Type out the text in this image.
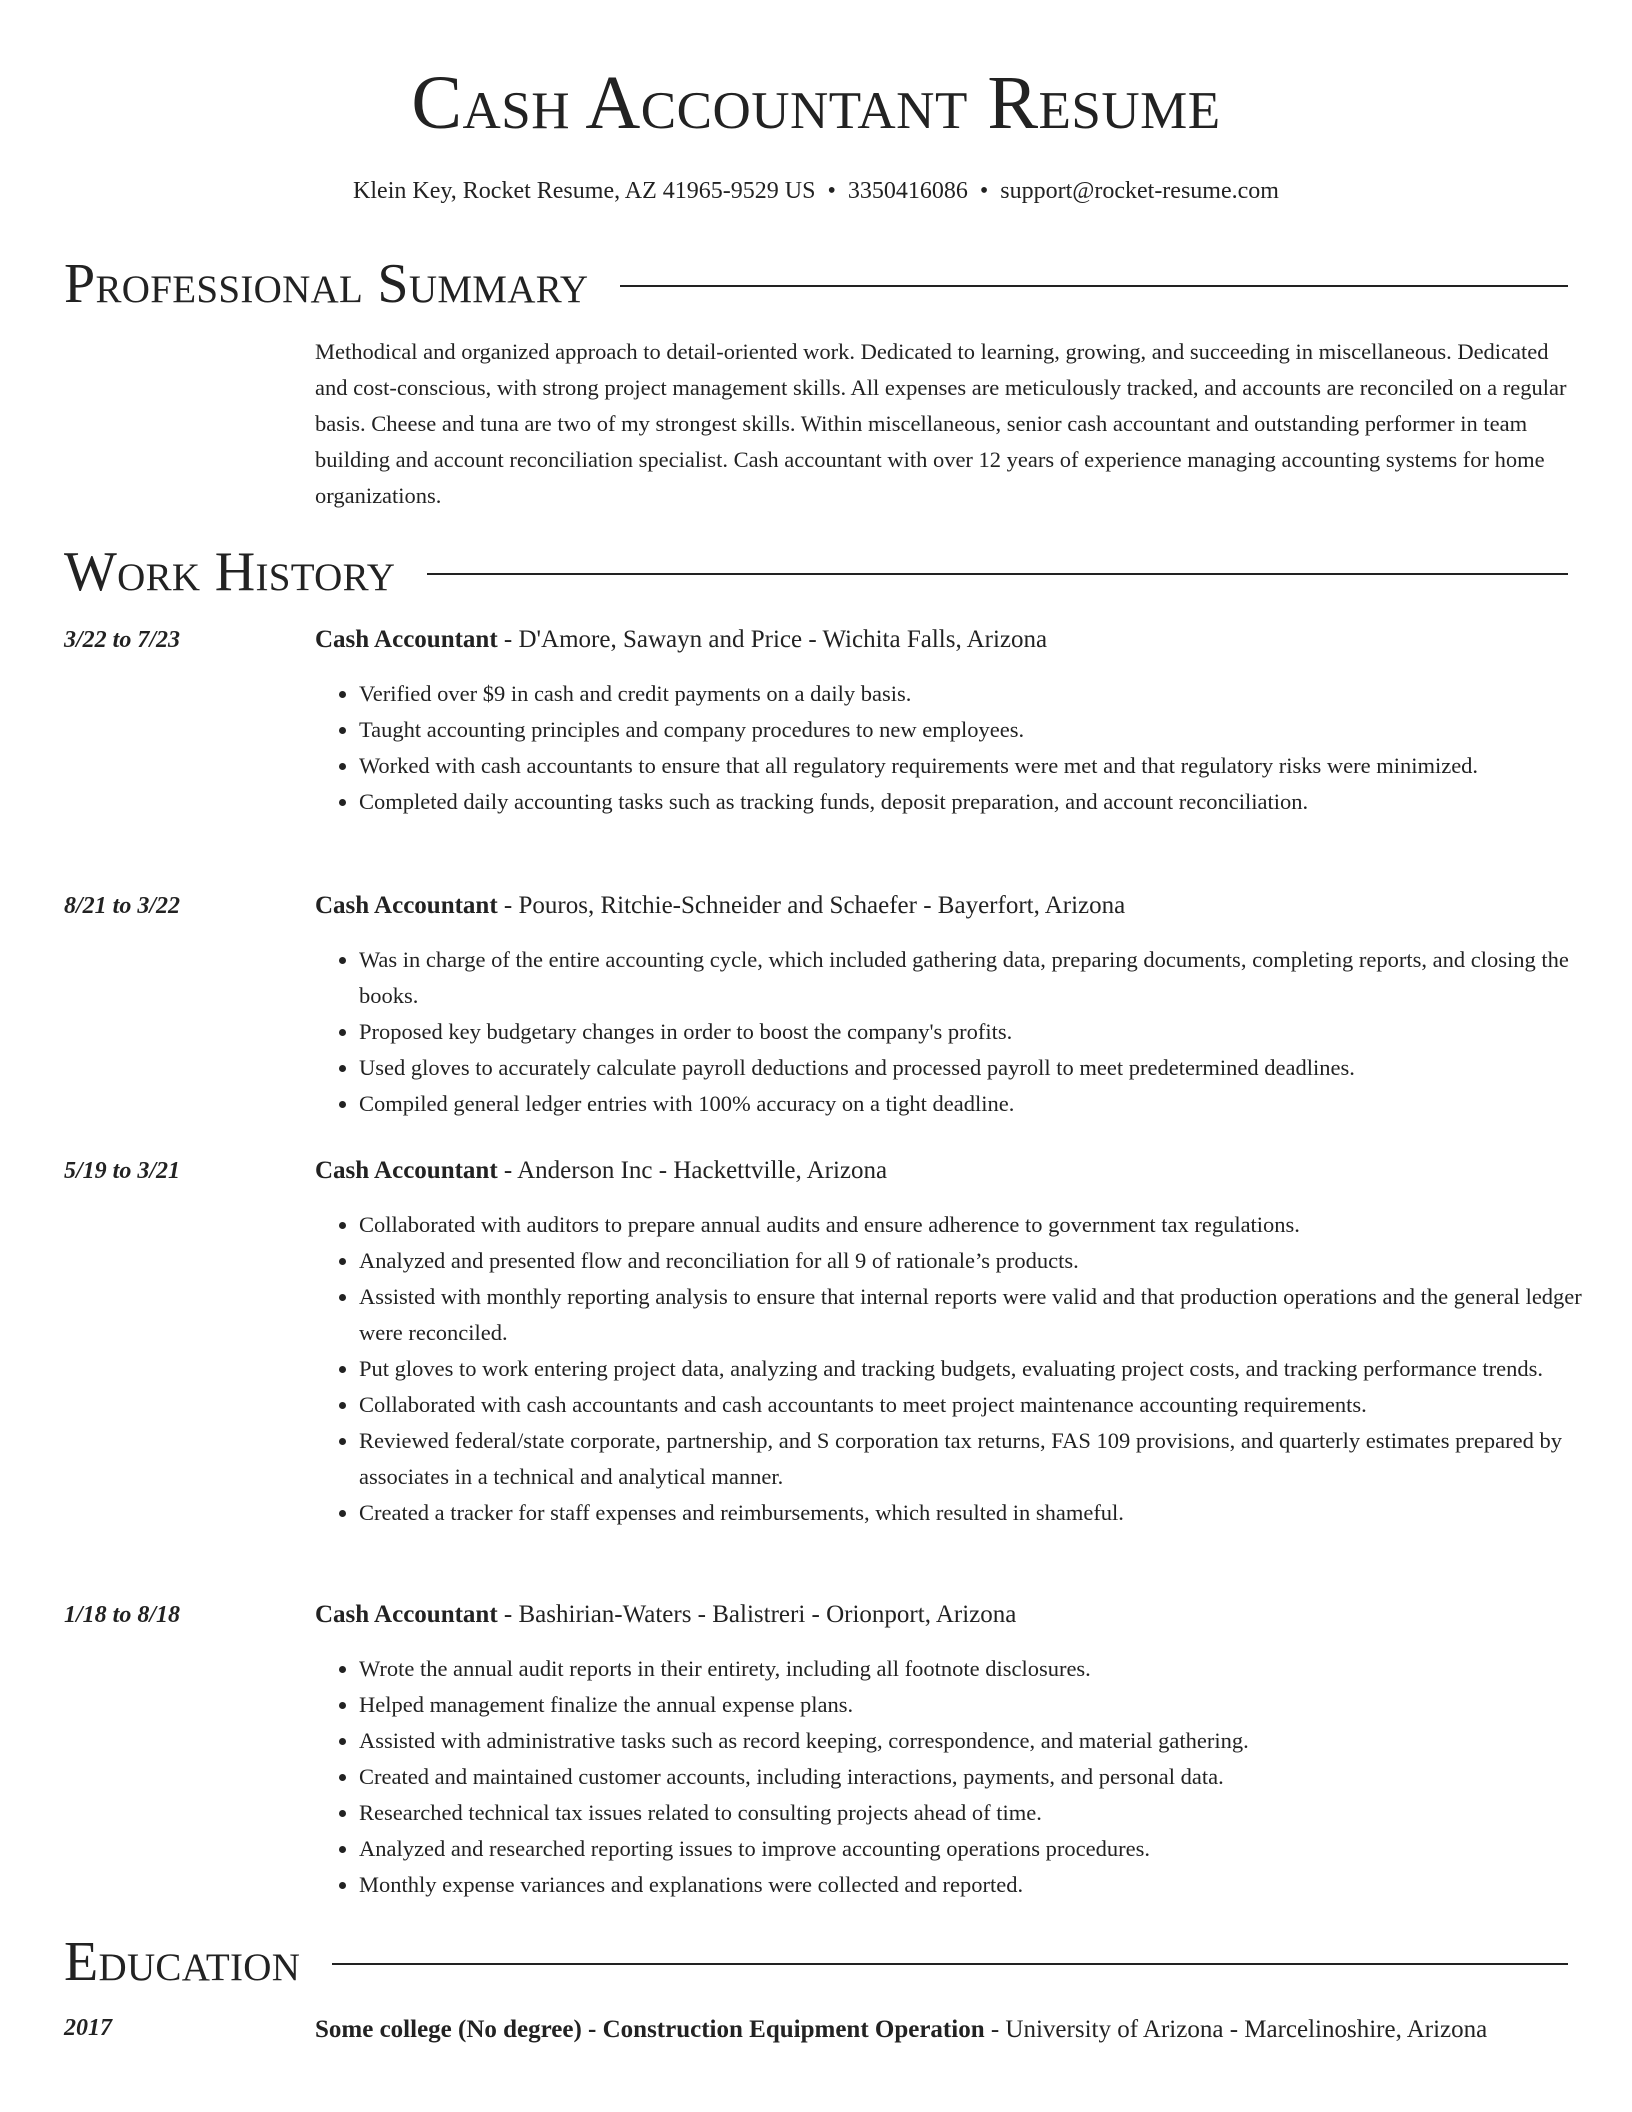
Cash Accountant Resume
Klein Key, Rocket Resume, AZ 41965-9529 US • 3350416086 • support@rocket-resume.com
Professional Summary

Methodical and organized approach to detail-oriented work. Dedicated to learning, growing, and succeeding in miscellaneous. Dedicated and cost-conscious, with strong project management skills. All expenses are meticulously tracked, and accounts are reconciled on a regular basis. Cheese and tuna are two of my strongest skills. Within miscellaneous, senior cash accountant and outstanding performer in team building and account reconciliation specialist. Cash accountant with over 12 years of experience managing accounting systems for home organizations.

Work History
3/22 to 7/23	Cash Accountant - D'Amore, Sawayn and Price - Wichita Falls, Arizona
• Verified over $9 in cash and credit payments on a daily basis.
• Taught accounting principles and company procedures to new employees.
• Worked with cash accountants to ensure that all regulatory requirements were met and that regulatory risks were minimized.
• Completed daily accounting tasks such as tracking funds, deposit preparation, and account reconciliation.
8/21 to 3/22	Cash Accountant - Pouros, Ritchie-Schneider and Schaefer - Bayerfort, Arizona
• Was in charge of the entire accounting cycle, which included gathering data, preparing documents, completing reports, and closing the books.
• Proposed key budgetary changes in order to boost the company's profits.
• Used gloves to accurately calculate payroll deductions and processed payroll to meet predetermined deadlines.
• Compiled general ledger entries with 100% accuracy on a tight deadline.
5/19 to 3/21	Cash Accountant - Anderson Inc - Hackettville, Arizona
• Collaborated with auditors to prepare annual audits and ensure adherence to government tax regulations.
• Analyzed and presented flow and reconciliation for all 9 of rationale’s products.
• Assisted with monthly reporting analysis to ensure that internal reports were valid and that production operations and the general ledger were reconciled.
• Put gloves to work entering project data, analyzing and tracking budgets, evaluating project costs, and tracking performance trends.
• Collaborated with cash accountants and cash accountants to meet project maintenance accounting requirements.
• Reviewed federal/state corporate, partnership, and S corporation tax returns, FAS 109 provisions, and quarterly estimates prepared by associates in a technical and analytical manner.
• Created a tracker for staff expenses and reimbursements, which resulted in shameful.
1/18 to 8/18	Cash Accountant - Bashirian-Waters - Balistreri - Orionport, Arizona
• Wrote the annual audit reports in their entirety, including all footnote disclosures.
• Helped management finalize the annual expense plans.
• Assisted with administrative tasks such as record keeping, correspondence, and material gathering.
• Created and maintained customer accounts, including interactions, payments, and personal data.
• Researched technical tax issues related to consulting projects ahead of time.
• Analyzed and researched reporting issues to improve accounting operations procedures.
• Monthly expense variances and explanations were collected and reported.
Education
2017	Some college (No degree) - Construction Equipment Operation - University of Arizona - Marcelinoshire, Arizona
